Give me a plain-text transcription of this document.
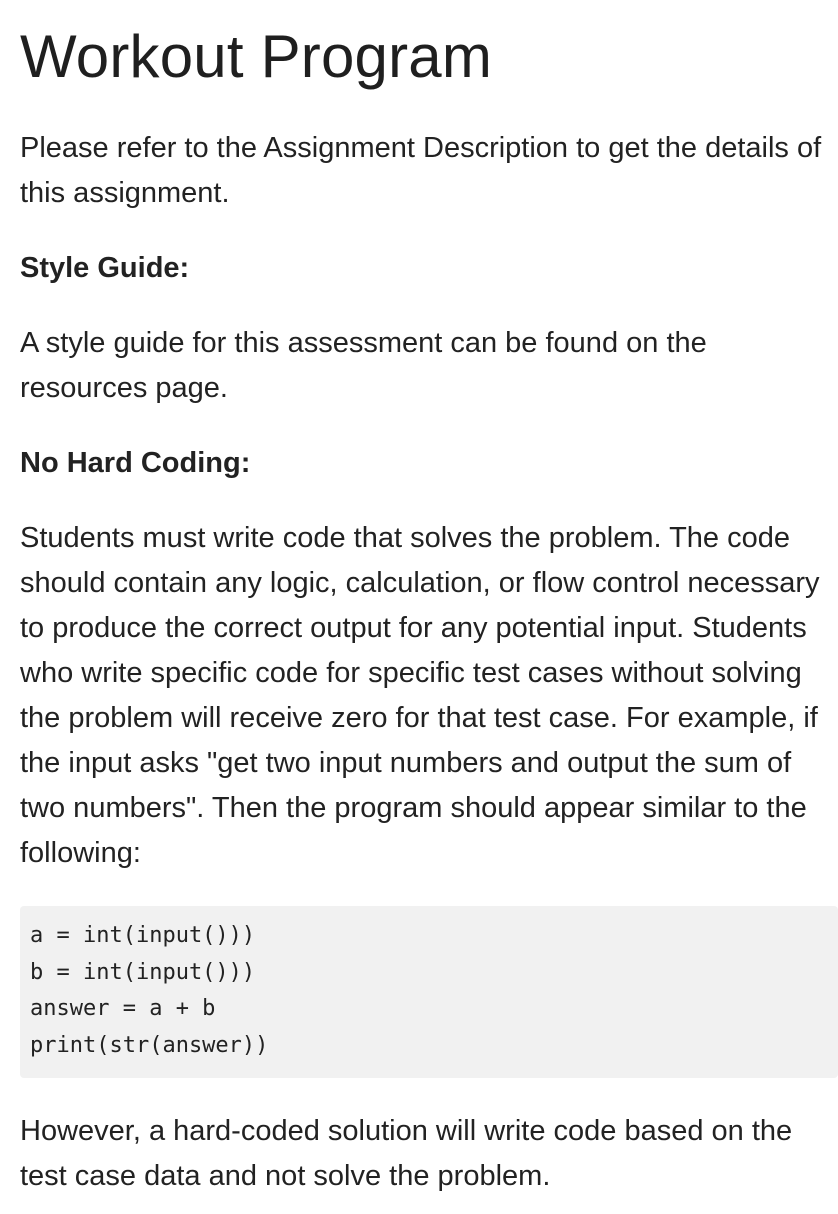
Workout Program

Please refer to the Assignment Description to get the details of this assignment.

Style Guide:

A style guide for this assessment can be found on the resources page.

No Hard Coding:

Students must write code that solves the problem. The code should contain any logic, calculation, or flow control necessary to produce the correct output for any potential input. Students who write specific code for specific test cases without solving the problem will receive zero for that test case. For example, if the input asks "get two input numbers and output the sum of two numbers". Then the program should appear similar to the following:

a = int(input()))
b = int(input()))
answer = a + b
print(str(answer))

However, a hard-coded solution will write code based on the test case data and not solve the problem.
